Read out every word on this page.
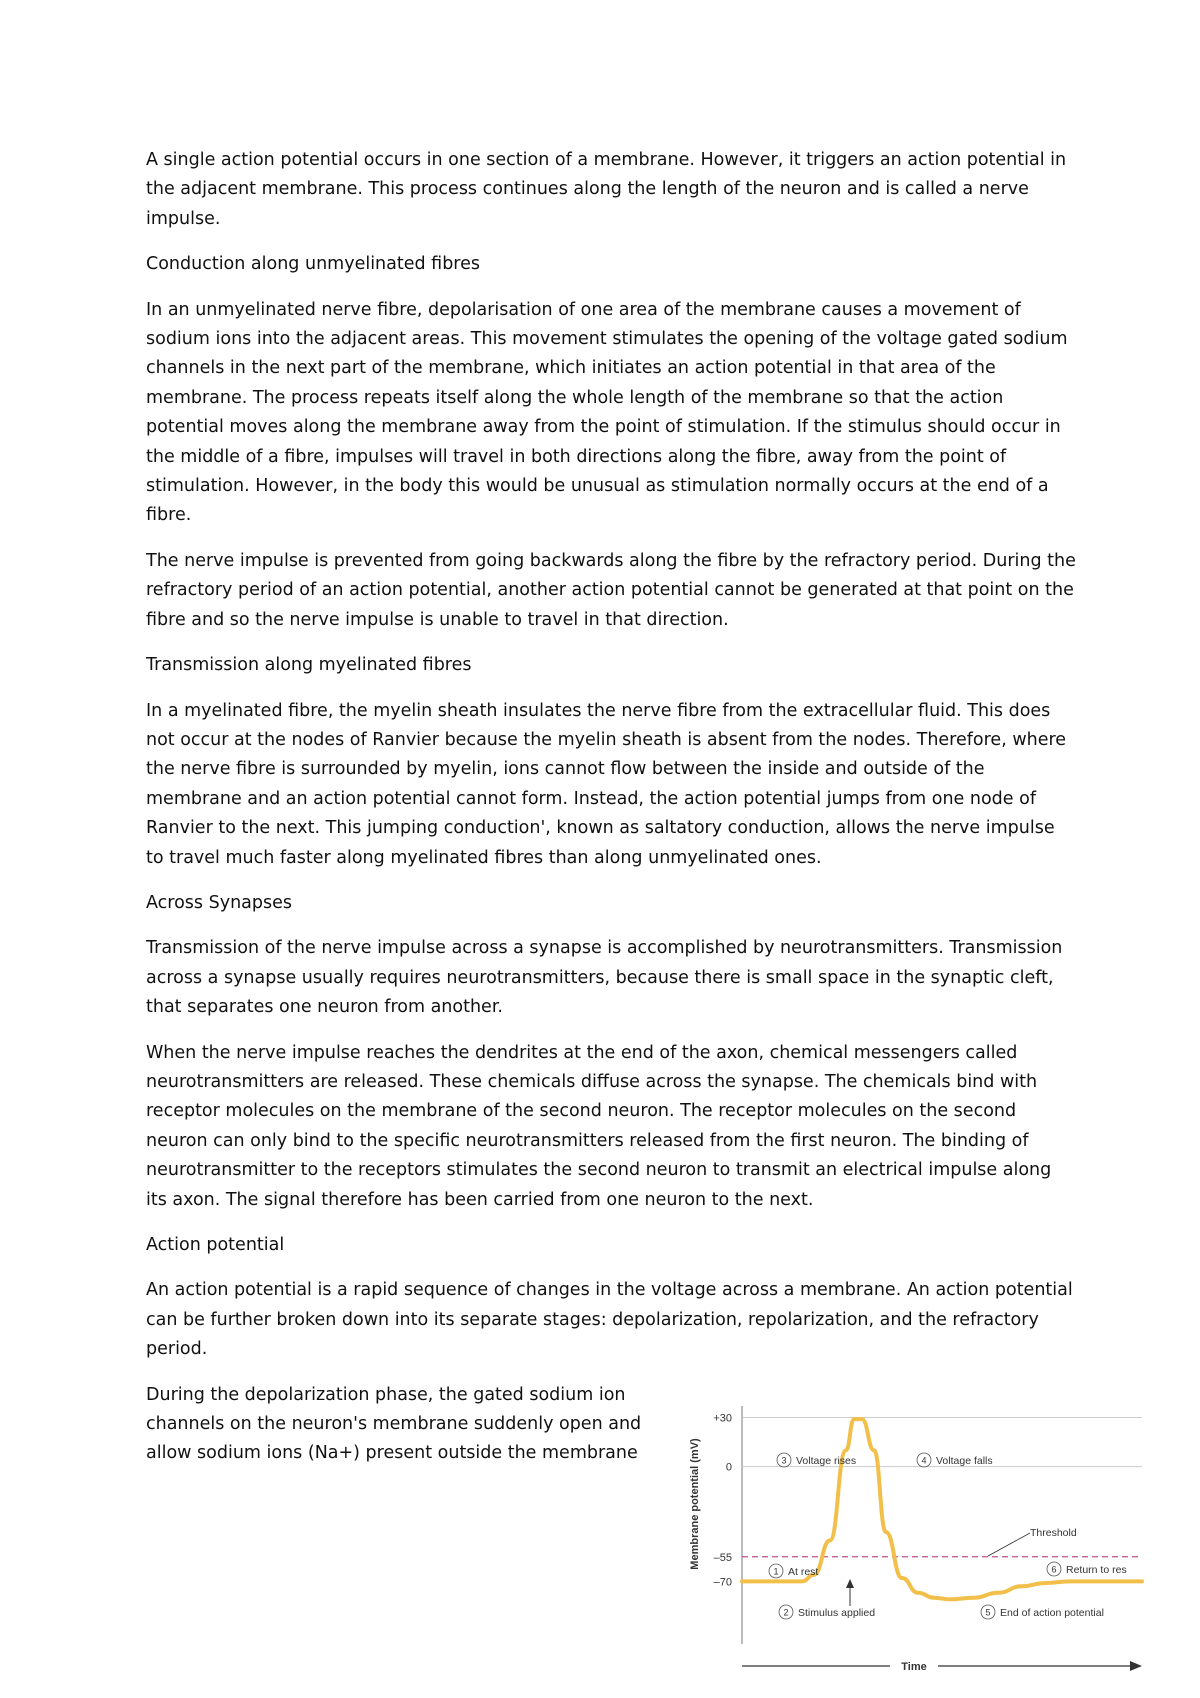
A single action potential occurs in one section of a membrane. However, it triggers an action potential in the adjacent membrane. This process continues along the length of the neuron and is called a nerve impulse.

Conduction along unmyelinated fibres

In an unmyelinated nerve fibre, depolarisation of one area of the membrane causes a movement of sodium ions into the adjacent areas. This movement stimulates the opening of the voltage gated sodium channels in the next part of the membrane, which initiates an action potential in that area of the membrane. The process repeats itself along the whole length of the membrane so that the action potential moves along the membrane away from the point of stimulation. If the stimulus should occur in the middle of a fibre, impulses will travel in both directions along the fibre, away from the point of stimulation. However, in the body this would be unusual as stimulation normally occurs at the end of a fibre.

The nerve impulse is prevented from going backwards along the fibre by the refractory period. During the refractory period of an action potential, another action potential cannot be generated at that point on the fibre and so the nerve impulse is unable to travel in that direction.

Transmission along myelinated fibres

In a myelinated fibre, the myelin sheath insulates the nerve fibre from the extracellular fluid. This does not occur at the nodes of Ranvier because the myelin sheath is absent from the nodes. Therefore, where the nerve fibre is surrounded by myelin, ions cannot flow between the inside and outside of the membrane and an action potential cannot form. Instead, the action potential jumps from one node of Ranvier to the next. This jumping conduction', known as saltatory conduction, allows the nerve impulse to travel much faster along myelinated fibres than along unmyelinated ones.

Across Synapses

Transmission of the nerve impulse across a synapse is accomplished by neurotransmitters. Transmission across a synapse usually requires neurotransmitters, because there is small space in the synaptic cleft, that separates one neuron from another.

When the nerve impulse reaches the dendrites at the end of the axon, chemical messengers called neurotransmitters are released. These chemicals diffuse across the synapse. The chemicals bind with receptor molecules on the membrane of the second neuron. The receptor molecules on the second neuron can only bind to the specific neurotransmitters released from the first neuron. The binding of neurotransmitter to the receptors stimulates the second neuron to transmit an electrical impulse along its axon. The signal therefore has been carried from one neuron to the next.

Action potential

An action potential is a rapid sequence of changes in the voltage across a membrane. An action potential can be further broken down into its separate stages: depolarization, repolarization, and the refractory period.

During the depolarization phase, the gated sodium ion channels on the neuron's membrane suddenly open and allow sodium ions (Na+) present outside the membrane

+30
0
–55
–70
Membrane potential (mV)
Time
Threshold
3 Voltage rises	4 Voltage falls
1 At rest	6 Return to res
2 Stimulus applied	5 End of action potential
